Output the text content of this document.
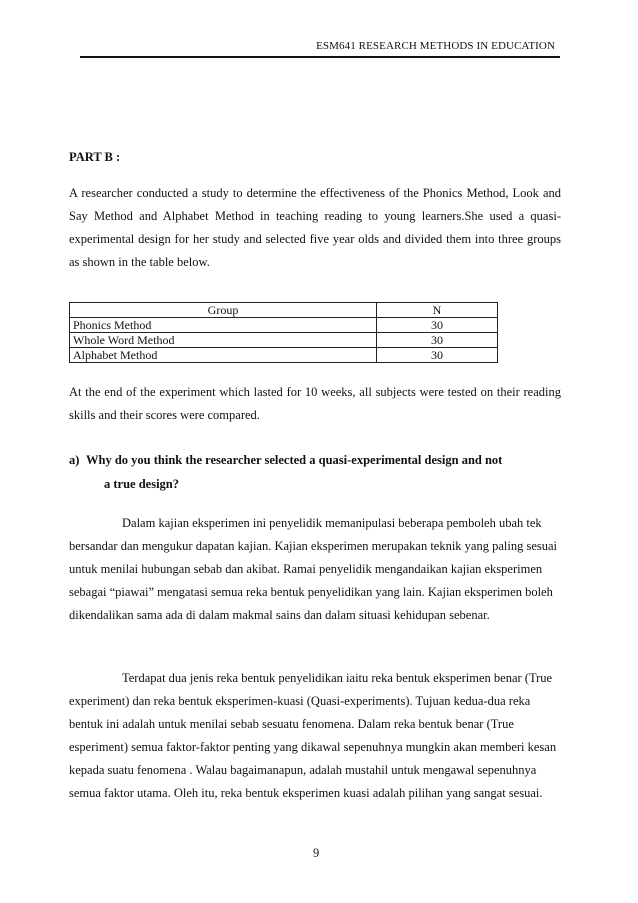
ESM641 RESEARCH METHODS IN EDUCATION
PART B :

A researcher conducted a study to determine the effectiveness of the Phonics Method, Look and Say Method and Alphabet Method in teaching reading to young learners.She used a quasi-experimental design for her study and selected five year olds and divided them into three groups as shown in the table below.

Group	N
Phonics Method	30
Whole Word Method	30
Alphabet Method	30

At the end of the experiment which lasted for 10 weeks, all subjects were tested on their reading skills and their scores were compared.

a) Why do you think the researcher selected a quasi-experimental design and not
a true design?

Dalam kajian eksperimen ini penyelidik memanipulasi beberapa pemboleh ubah tek bersandar dan mengukur dapatan kajian. Kajian eksperimen merupakan teknik yang paling sesuai untuk menilai hubungan sebab dan akibat. Ramai penyelidik mengandaikan kajian eksperimen sebagai “piawai” mengatasi semua reka bentuk penyelidikan yang lain. Kajian eksperimen boleh dikendalikan sama ada di dalam makmal sains dan dalam situasi kehidupan sebenar.

Terdapat dua jenis reka bentuk penyelidikan iaitu reka bentuk eksperimen benar (True experiment) dan reka bentuk eksperimen-kuasi (Quasi-experiments). Tujuan kedua-dua reka bentuk ini adalah untuk menilai sebab sesuatu fenomena. Dalam reka bentuk benar (True esperiment) semua faktor-faktor penting yang dikawal sepenuhnya mungkin akan memberi kesan kepada suatu fenomena . Walau bagaimanapun, adalah mustahil untuk mengawal sepenuhnya semua faktor utama. Oleh itu, reka bentuk eksperimen kuasi adalah pilihan yang sangat sesuai.

9
